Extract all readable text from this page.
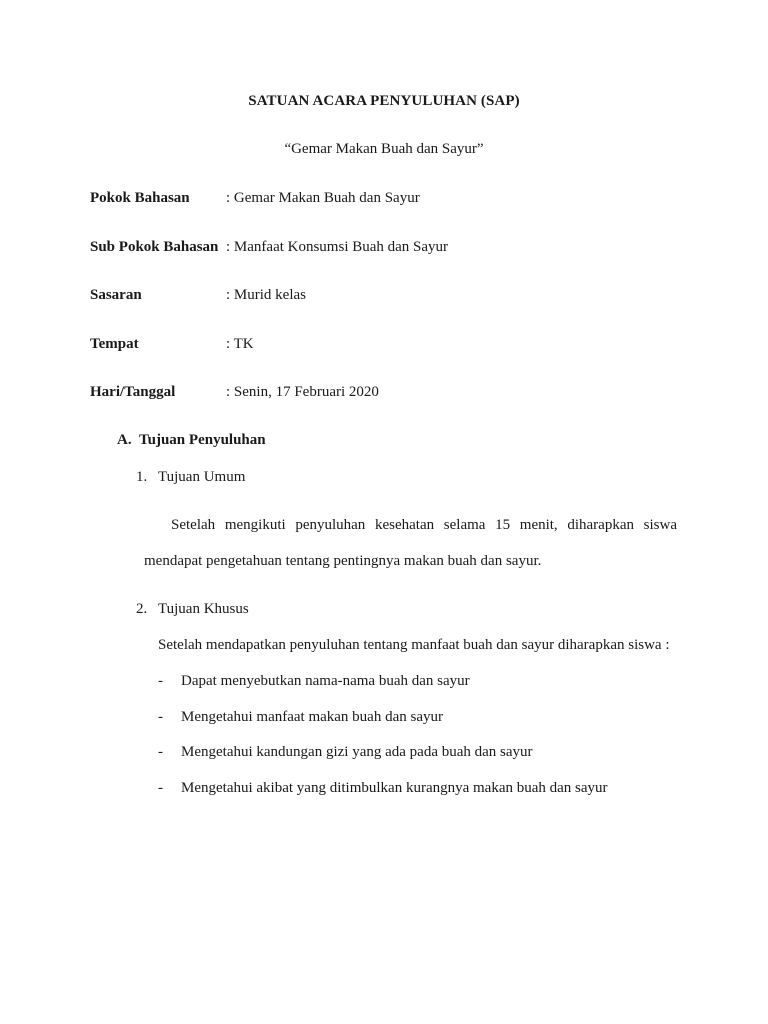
SATUAN ACARA PENYULUHAN (SAP)
“Gemar Makan Buah dan Sayur”
Pokok Bahasan : Gemar Makan Buah dan Sayur
Sub Pokok Bahasan : Manfaat Konsumsi Buah dan Sayur
Sasaran	: Murid kelas
Tempat	: TK
Hari/Tanggal	: Senin, 17 Februari 2020
A. Tujuan Penyuluhan
1. Tujuan Umum
Setelah mengikuti penyuluhan kesehatan selama 15 menit, diharapkan siswa
mendapat pengetahuan tentang pentingnya makan buah dan sayur.
2. Tujuan Khusus
Setelah mendapatkan penyuluhan tentang manfaat buah dan sayur diharapkan siswa :
- Dapat menyebutkan nama-nama buah dan sayur
- Mengetahui manfaat makan buah dan sayur
- Mengetahui kandungan gizi yang ada pada buah dan sayur
- Mengetahui akibat yang ditimbulkan kurangnya makan buah dan sayur
